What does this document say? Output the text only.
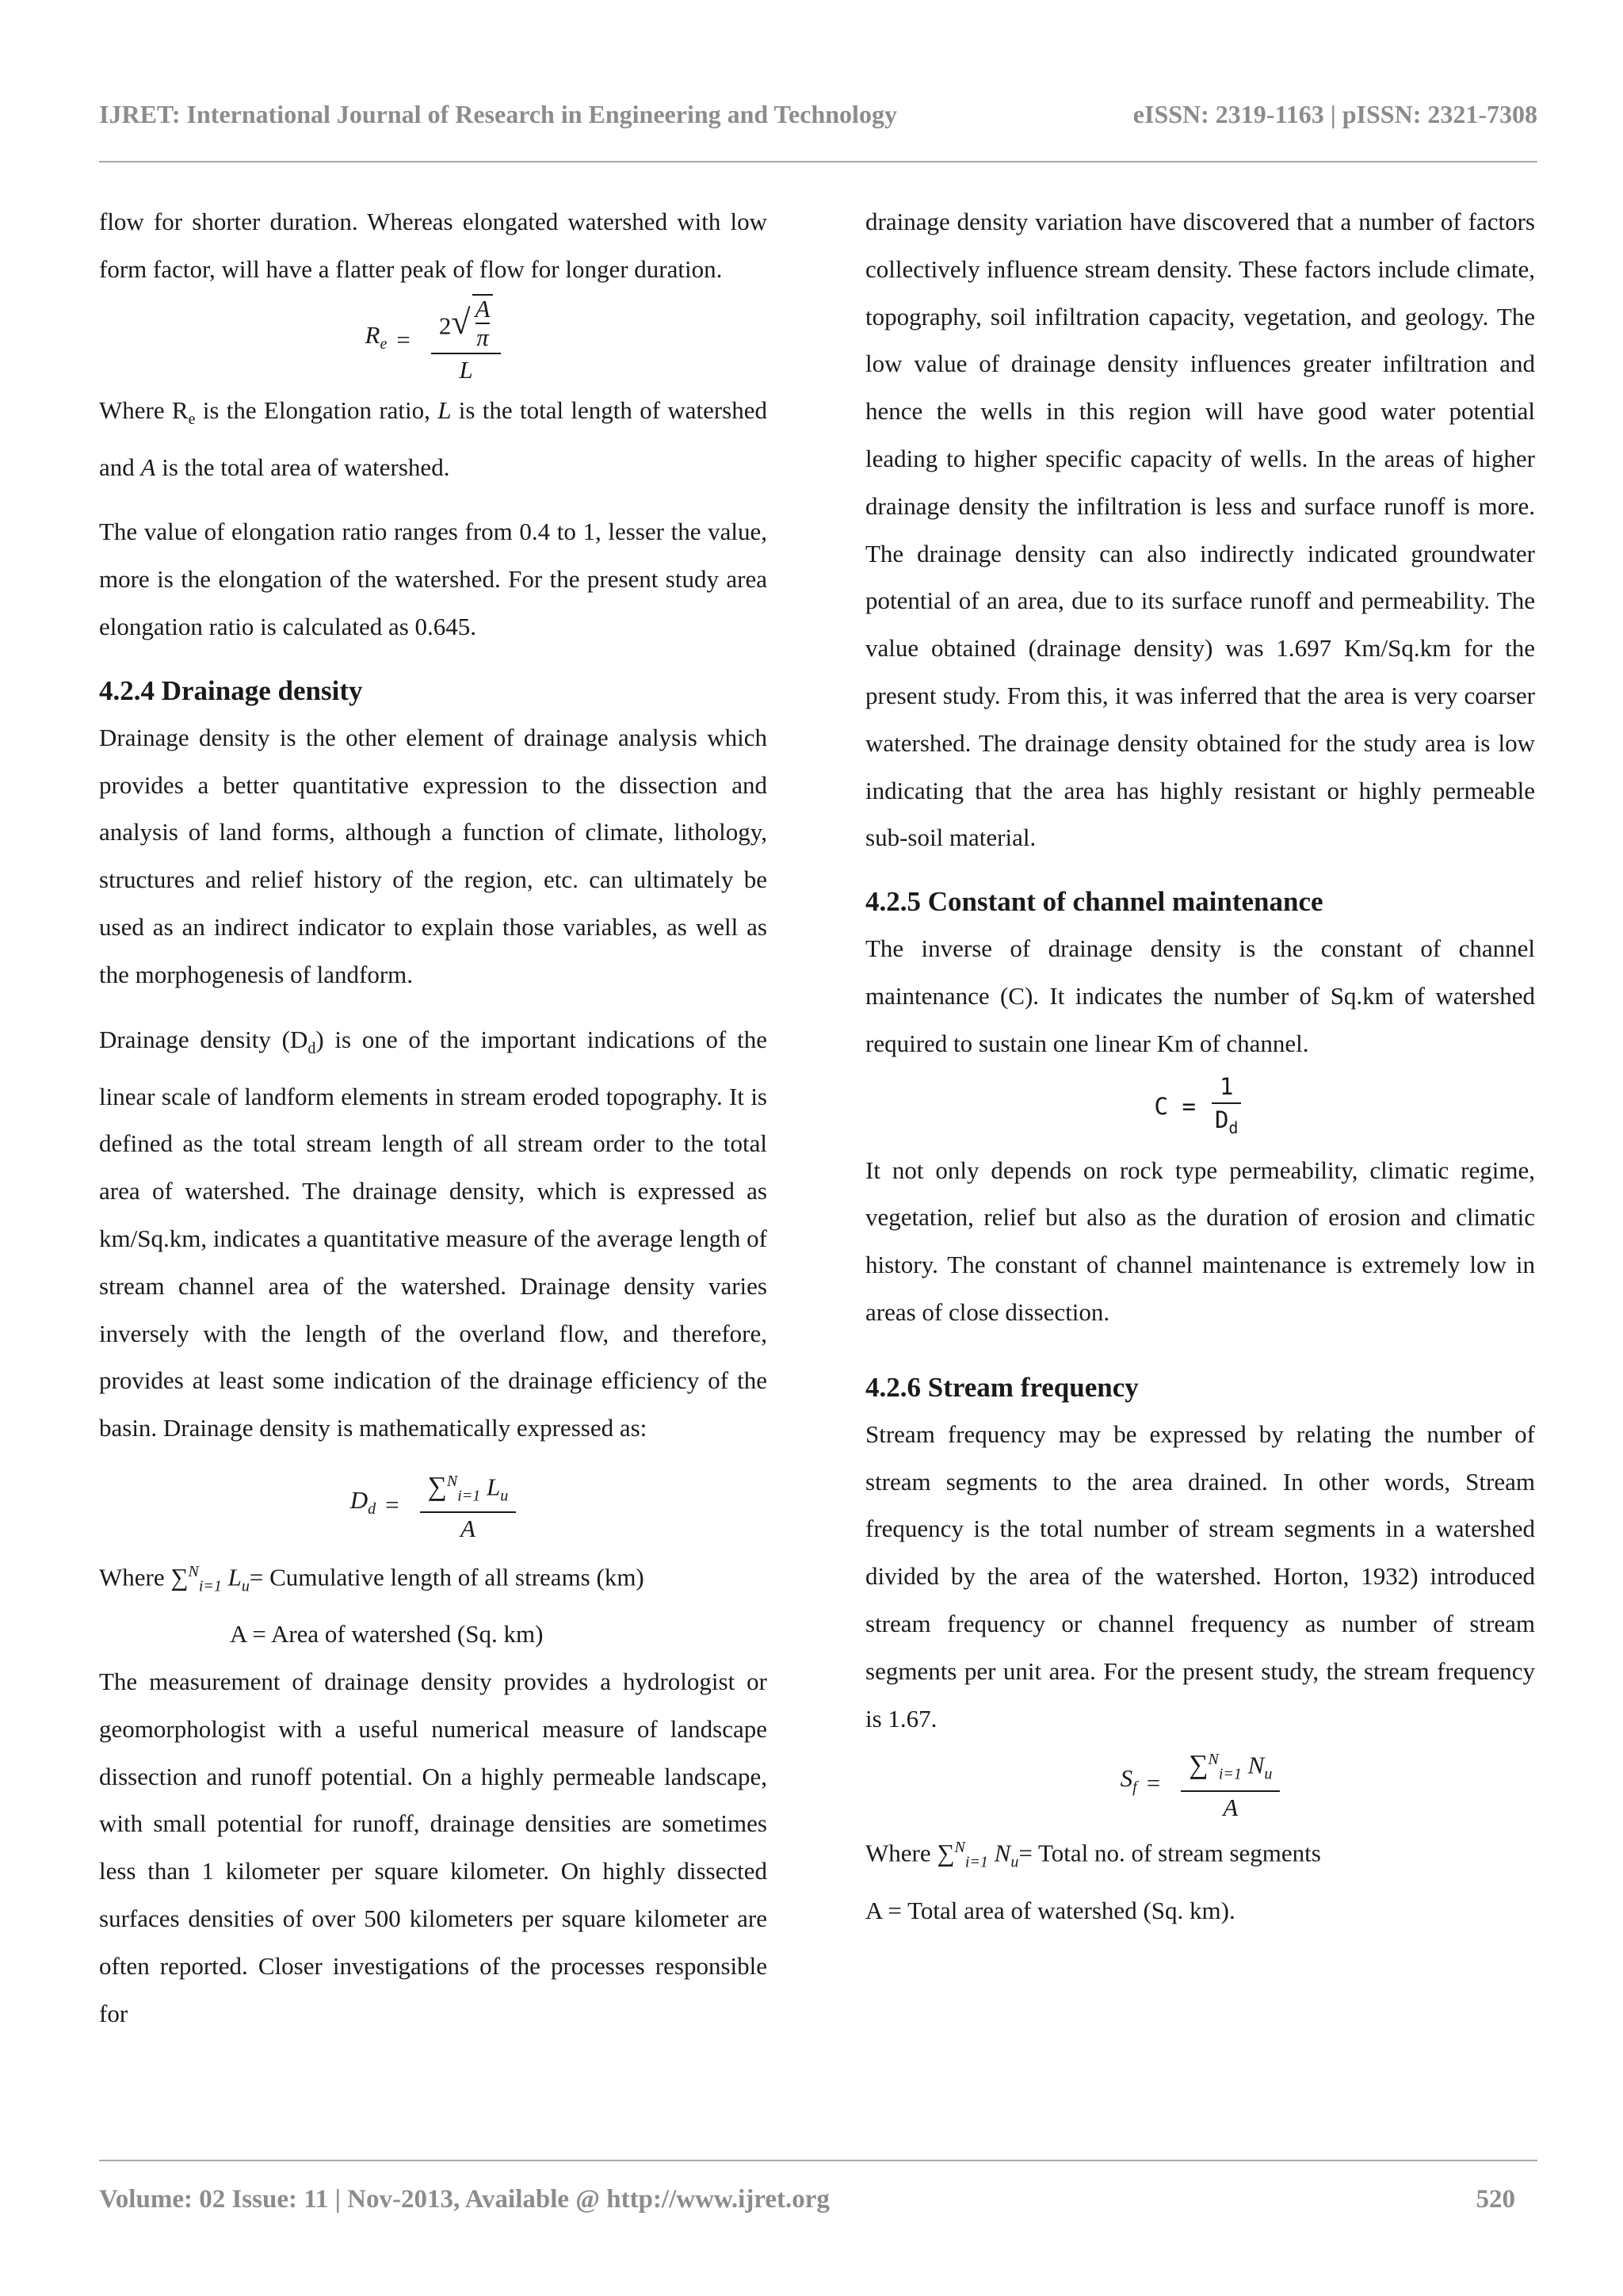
IJRET: International Journal of Research in Engineering and Technology	eISSN: 2319-1163 | pISSN: 2321-7308

flow for shorter duration. Whereas elongated watershed with low form factor, will have a flatter peak of flow for longer duration.

$R_e = 2$ √ A
π
L

Where $R_e$ is the Elongation ratio, L is the total length of watershed and A is the total area of watershed.

The value of elongation ratio ranges from 0.4 to 1, lesser the value, more is the elongation of the watershed. For the present study area elongation ratio is calculated as 0.645.

4.2.4 Drainage density

Drainage density is the other element of drainage analysis which provides a better quantitative expression to the dissection and analysis of land forms, although a function of climate, lithology, structures and relief history of the region, etc. can ultimately be used as an indirect indicator to explain those variables, as well as the morphogenesis of landform.

Drainage density $(D_d)$ is one of the important indications of the linear scale of landform elements in stream eroded topography. It is defined as the total stream length of all stream order to the total area of watershed. The drainage density, which is expressed as km/Sq.km, indicates a quantitative measure of the average length of stream channel area of the watershed. Drainage density varies inversely with the length of the overland flow, and therefore, provides at least some indication of the drainage efficiency of the basin. Drainage density is mathematically expressed as:

$D_d = \frac{\sum^N_{i=1} L_u}{A}$

Where ∑$^N_{i=1}$ $L_u=$ Cumulative length of all streams (km)

A = Area of watershed (Sq. km)

The measurement of drainage density provides a hydrologist or geomorphologist with a useful numerical measure of landscape dissection and runoff potential. On a highly permeable landscape, with small potential for runoff, drainage densities are sometimes less than 1 kilometer per square kilometer. On highly dissected surfaces densities of over 500 kilometers per square kilometer are often reported. Closer investigations of the processes responsible for

drainage density variation have discovered that a number of factors collectively influence stream density. These factors include climate, topography, soil infiltration capacity, vegetation, and geology. The low value of drainage density influences greater infiltration and hence the wells in this region will have good water potential leading to higher specific capacity of wells. In the areas of higher drainage density the infiltration is less and surface runoff is more. The drainage density can also indirectly indicated groundwater potential of an area, due to its surface runoff and permeability. The value obtained (drainage density) was 1.697 Km/Sq.km for the present study. From this, it was inferred that the area is very coarser watershed. The drainage density obtained for the study area is low indicating that the area has highly resistant or highly permeable sub-soil material.

4.2.5 Constant of channel maintenance

The inverse of drainage density is the constant of channel maintenance (C). It indicates the number of Sq.km of watershed required to sustain one linear Km of channel.

$C = \frac{1}{D_d}$

It not only depends on rock type permeability, climatic regime, vegetation, relief but also as the duration of erosion and climatic history. The constant of channel maintenance is extremely low in areas of close dissection.

4.2.6 Stream frequency

Stream frequency may be expressed by relating the number of stream segments to the area drained. In other words, Stream frequency is the total number of stream segments in a watershed divided by the area of the watershed. Horton, 1932) introduced stream frequency or channel frequency as number of stream segments per unit area. For the present study, the stream frequency is 1.67.

$S_f = \frac{\sum^N_{i=1} N_u}{A}$

Where ∑$^N_{i=1}$ $N_u=$ Total no. of stream segments

A = Total area of watershed (Sq. km).

Volume: 02 Issue: 11 | Nov-2013, Available @ http://www.ijret.org	520
